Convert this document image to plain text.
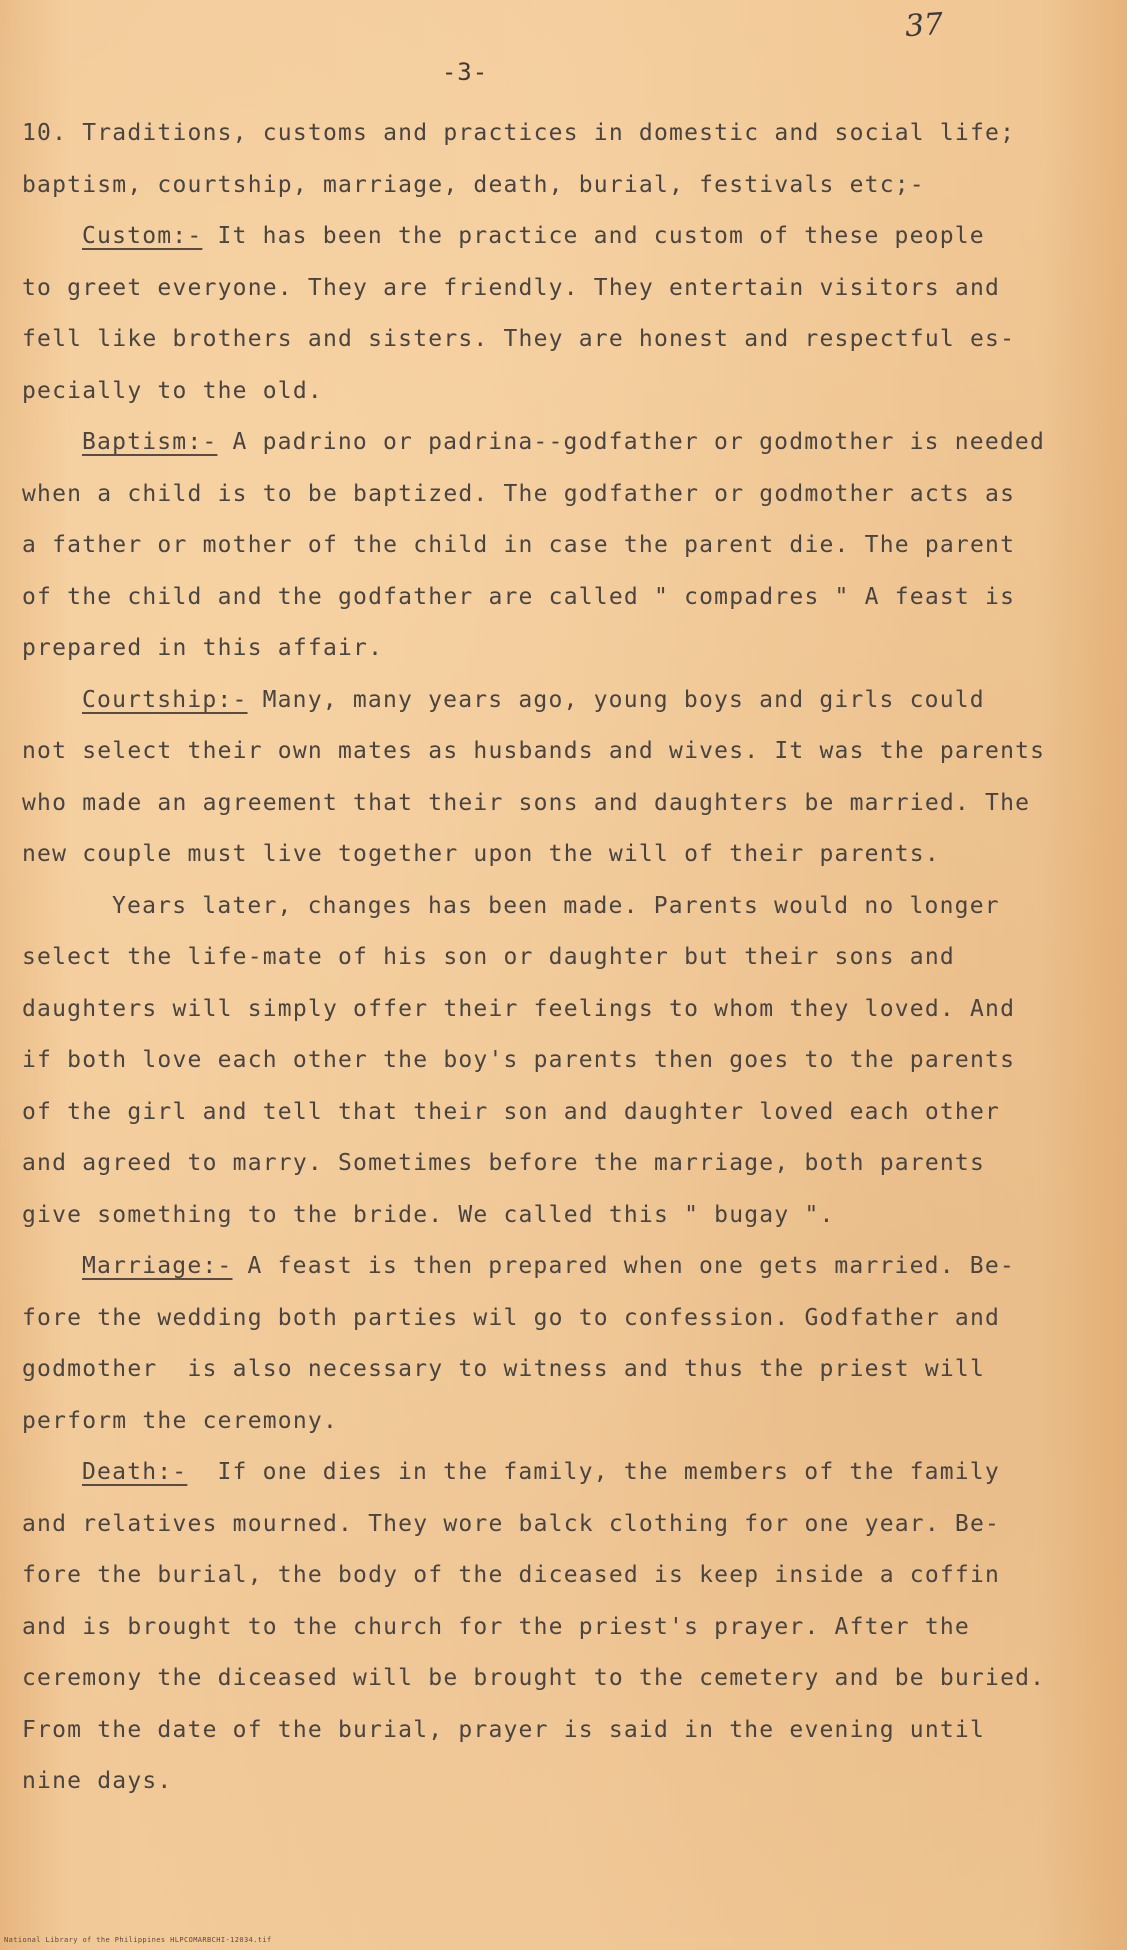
37
-3-

10. Traditions, customs and practices in domestic and social life;

baptism, courtship, marriage, death, burial, festivals etc;-

Custom:- It has been the practice and custom of these people

to greet everyone. They are friendly. They entertain visitors and

fell like brothers and sisters. They are honest and respectful es-

pecially to the old.

Baptism:- A padrino or padrina--godfather or godmother is needed

when a child is to be baptized. The godfather or godmother acts as

a father or mother of the child in case the parent die. The parent

of the child and the godfather are called " compadres " A feast is

prepared in this affair.

Courtship:- Many, many years ago, young boys and girls could

not select their own mates as husbands and wives. It was the parents

who made an agreement that their sons and daughters be married. The

new couple must live together upon the will of their parents.

Years later, changes has been made. Parents would no longer

select the life-mate of his son or daughter but their sons and

daughters will simply offer their feelings to whom they loved. And

if both love each other the boy's parents then goes to the parents

of the girl and tell that their son and daughter loved each other

and agreed to marry. Sometimes before the marriage, both parents

give something to the bride. We called this " bugay ".

Marriage:- A feast is then prepared when one gets married. Be-

fore the wedding both parties wil go to confession. Godfather and

godmother  is also necessary to witness and thus the priest will

perform the ceremony.

Death:-  If one dies in the family, the members of the family

and relatives mourned. They wore balck clothing for one year. Be-

fore the burial, the body of the diceased is keep inside a coffin

and is brought to the church for the priest's prayer. After the

ceremony the diceased will be brought to the cemetery and be buried.

From the date of the burial, prayer is said in the evening until

nine days.

National Library of the Philippines HLPCOMARBCHI-12034.tif
